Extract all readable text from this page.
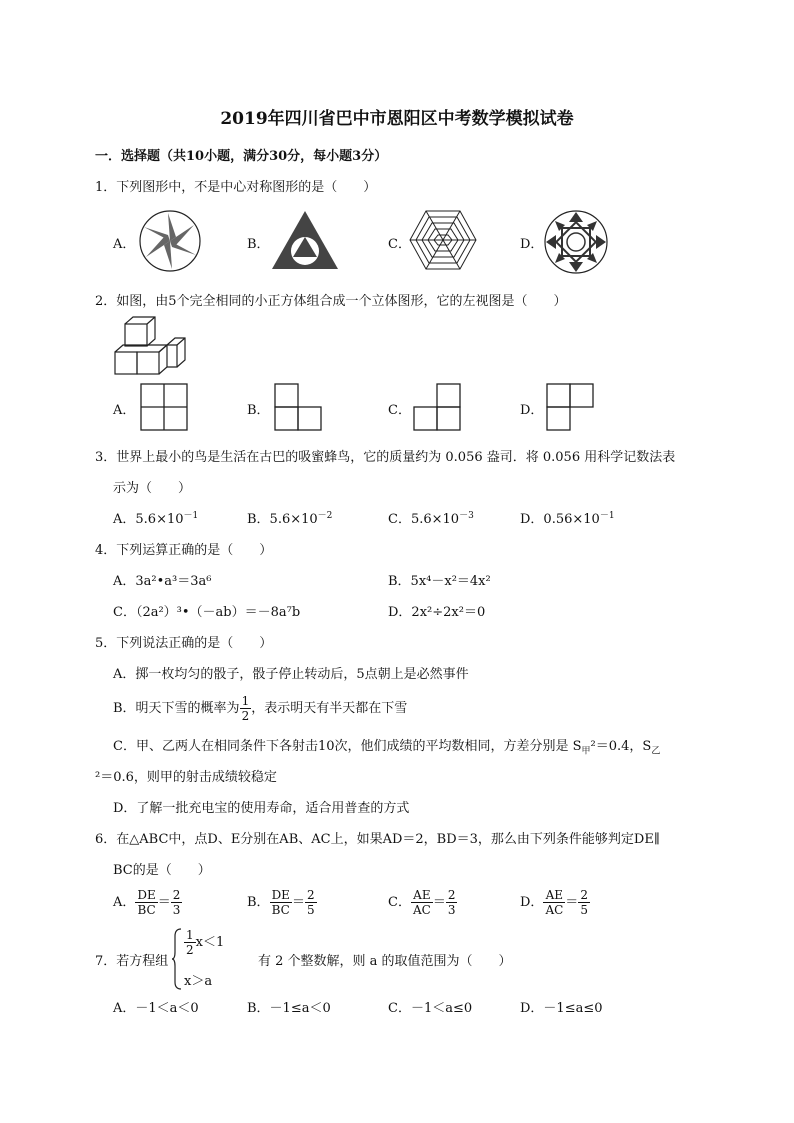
2019年四川省巴中市恩阳区中考数学模拟试卷
一．选择题（共10小题，满分30分，每小题3分）
1．下列图形中，不是中心对称图形的是（　　）
A．	B．	C．	D．
2．如图，由5个完全相同的小正方体组合成一个立体图形，它的左视图是（　　）
A．	B．	C．	D．
3．世界上最小的鸟是生活在古巴的吸蜜蜂鸟，它的质量约为 0.056 盎司．将 0.056 用科学记数法表
示为（　　）
A．$5.6\times 10^{-1}$	B．$5.6\times 10^{-2}$	C．$5.6\times 10^{-3}$	D．$0.56\times 10^{-1}$
4．下列运算正确的是（　　）
A．3a²•a³＝3a⁶	B．5x⁴－x²＝4x²
C．（2a²）³•（－ab）＝－8a⁷b	D．2x²÷2x²＝0
5．下列说法正确的是（　　）
A．掷一枚均匀的骰子，骰子停止转动后，5点朝上是必然事件
B．明天下雪的概率为 $\frac{1}{2}$ ，表示明天有半天都在下雪
C．甲、乙两人在相同条件下各射击10次，他们成绩的平均数相同，方差分别是 $S_甲^2=0.4$，$S_乙$
²＝0.6，则甲的射击成绩较稳定
D．了解一批充电宝的使用寿命，适合用普查的方式
6．在△ABC中，点D、E分别在AB、AC上，如果AD＝2，BD＝3，那么由下列条件能够判定DE∥
BC的是（　　）
A． $\frac{DE}{BC} = \frac{2}{3}$	B． $\frac{DE}{BC} = \frac{2}{5}$	C． $\frac{AE}{AC} = \frac{2}{3}$	D． $\frac{AE}{AC} = \frac{2}{5}$
7．若方程组
$\frac{1}{2} x<1$
x＞a
有 2 个整数解，则 a 的取值范围为（　　）
A．－1＜a＜0	B．－1≤a＜0	C．－1＜a≤0	D．－1≤a≤0
